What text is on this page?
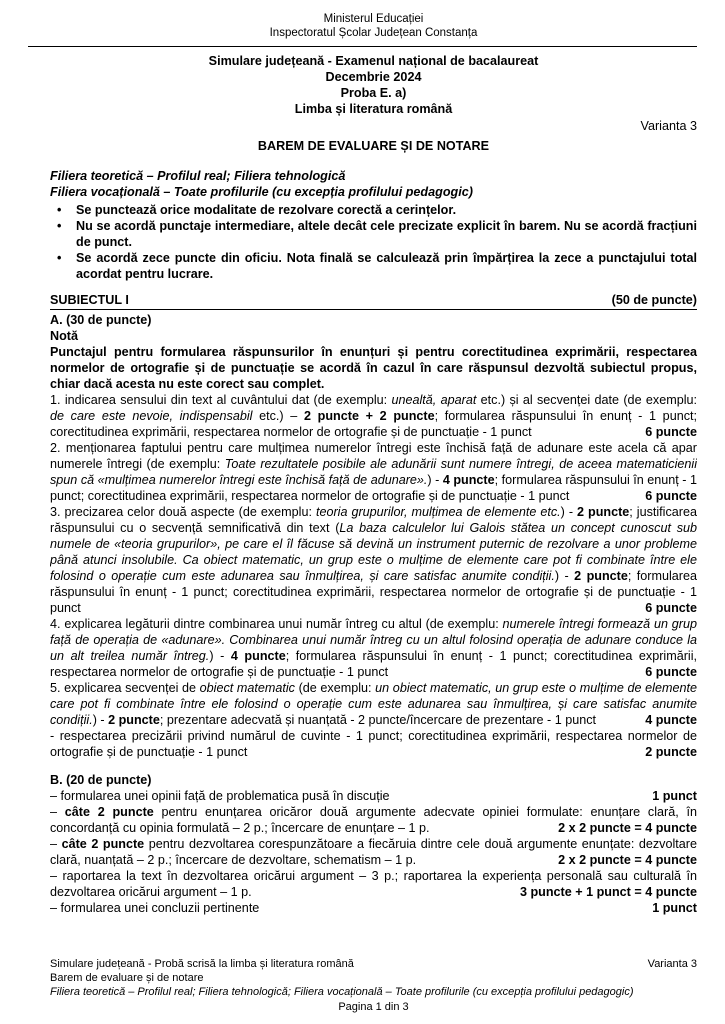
Ministerul Educației
Inspectoratul Școlar Județean Constanța
Simulare județeană - Examenul național de bacalaureat
Decembrie 2024
Proba E. a)
Limba și literatura română
Varianta 3
BAREM DE EVALUARE ȘI DE NOTARE
Filiera teoretică – Profilul real; Filiera tehnologică
Filiera vocațională – Toate profilurile (cu excepția profilului pedagogic)
• Se punctează orice modalitate de rezolvare corectă a cerințelor.
• Nu se acordă punctaje intermediare, altele decât cele precizate explicit în barem. Nu se acordă fracțiuni de punct.
• Se acordă zece puncte din oficiu. Nota finală se calculează prin împărțirea la zece a punctajului total acordat pentru lucrare.
SUBIECTUL I	(50 de puncte)
A. (30 de puncte)
Notă

Punctajul pentru formularea răspunsurilor în enunțuri și pentru corectitudinea exprimării, respectarea normelor de ortografie și de punctuație se acordă în cazul în care răspunsul dezvoltă subiectul propus, chiar dacă acesta nu este corect sau complet.

1. indicarea sensului din text al cuvântului dat (de exemplu: unealtă, aparat etc.) și al secvenței date (de exemplu: de care este nevoie, indispensabil etc.) – 2 puncte + 2 puncte; formularea răspunsului în enunț - 1 punct; corectitudinea exprimării, respectarea normelor de ortografie și de punctuație - 1 punct	6 puncte

2. menționarea faptului pentru care mulțimea numerelor întregi este închisă față de adunare este acela că apar numerele întregi (de exemplu: Toate rezultatele posibile ale adunării sunt numere întregi, de aceea matematicienii spun că «mulțimea numerelor întregi este închisă față de adunare».) - 4 puncte; formularea răspunsului în enunț - 1 punct; corectitudinea exprimării, respectarea normelor de ortografie și de punctuație - 1 punct	6 puncte

3. precizarea celor două aspecte (de exemplu: teoria grupurilor, mulțimea de elemente etc.) - 2 puncte; justificarea răspunsului cu o secvență semnificativă din text (La baza calculelor lui Galois stătea un concept cunoscut sub numele de «teoria grupurilor», pe care el îl făcuse să devină un instrument puternic de rezolvare a unor probleme până atunci insolubile. Ca obiect matematic, un grup este o mulțime de elemente care pot fi combinate între ele folosind o operație cum este adunarea sau înmulțirea, și care satisfac anumite condiții.) - 2 puncte; formularea răspunsului în enunț - 1 punct; corectitudinea exprimării, respectarea normelor de ortografie și de punctuație - 1 punct	6 puncte

4. explicarea legăturii dintre combinarea unui număr întreg cu altul (de exemplu: numerele întregi formează un grup față de operația de «adunare». Combinarea unui număr întreg cu un altul folosind operația de adunare conduce la un alt treilea număr întreg.) - 4 puncte; formularea răspunsului în enunț - 1 punct; corectitudinea exprimării, respectarea normelor de ortografie și de punctuație - 1 punct	6 puncte

5. explicarea secvenței de obiect matematic (de exemplu: un obiect matematic, un grup este o mulțime de elemente care pot fi combinate între ele folosind o operație cum este adunarea sau înmulțirea, și care satisfac anumite condiții.) - 2 puncte; prezentare adecvată și nuanțată - 2 puncte/încercare de prezentare - 1 punct	4 puncte

- respectarea precizării privind numărul de cuvinte - 1 punct; corectitudinea exprimării, respectarea normelor de ortografie și de punctuație - 1 punct	2 puncte

B. (20 de puncte)

– formularea unei opinii față de problematica pusă în discuție	1 punct

– câte 2 puncte pentru enunțarea oricăror două argumente adecvate opiniei formulate: enunțare clară, în concordanță cu opinia formulată – 2 p.; încercare de enunțare – 1 p.	2 x 2 puncte = 4 puncte

– câte 2 puncte pentru dezvoltarea corespunzătoare a fiecăruia dintre cele două argumente enunțate: dezvoltare clară, nuanțată – 2 p.; încercare de dezvoltare, schematism – 1 p.	2 x 2 puncte = 4 puncte

– raportarea la text în dezvoltarea oricărui argument – 3 p.; raportarea la experiența personală sau culturală în dezvoltarea oricărui argument – 1 p.	3 puncte + 1 punct = 4 puncte

– formularea unei concluzii pertinente	1 punct

Simulare județeană - Probă scrisă la limba și literatura română	Varianta 3
Barem de evaluare și de notare
Filiera teoretică – Profilul real; Filiera tehnologică; Filiera vocațională – Toate profilurile (cu excepția profilului pedagogic)
Pagina 1 din 3
